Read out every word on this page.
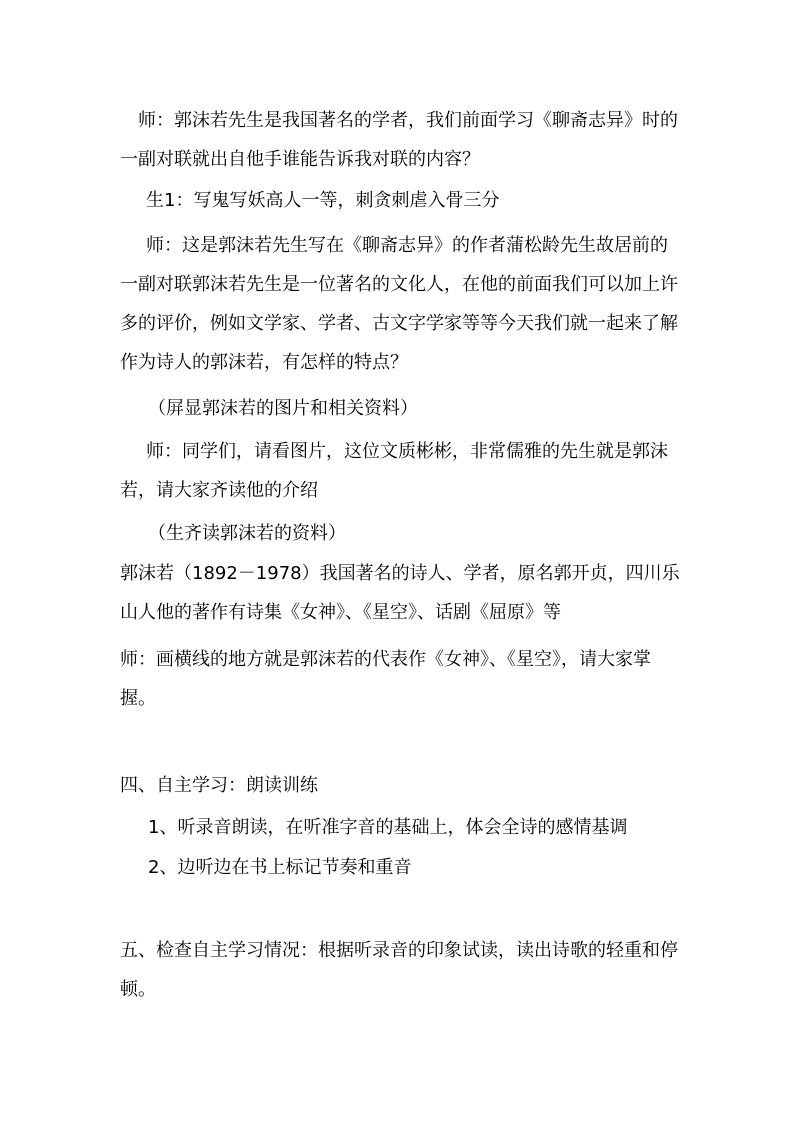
师：郭沫若先生是我国著名的学者，我们前面学习《聊斋志异》时的一副对联就出自他手谁能告诉我对联的内容？
生1：写鬼写妖高人一等，刺贪刺虐入骨三分
师：这是郭沫若先生写在《聊斋志异》的作者蒲松龄先生故居前的一副对联郭沫若先生是一位著名的文化人，在他的前面我们可以加上许多的评价，例如文学家、学者、古文字学家等等今天我们就一起来了解作为诗人的郭沫若，有怎样的特点？
（屏显郭沫若的图片和相关资料）
师：同学们，请看图片，这位文质彬彬，非常儒雅的先生就是郭沫若，请大家齐读他的介绍
（生齐读郭沫若的资料）
郭沫若（1892－1978）我国著名的诗人、学者，原名郭开贞，四川乐山人他的著作有诗集《女神》、《星空》、话剧《屈原》等
师：画横线的地方就是郭沫若的代表作《女神》、《星空》，请大家掌握。
四、自主学习：朗读训练
1、听录音朗读，在听准字音的基础上，体会全诗的感情基调
2、边听边在书上标记节奏和重音
五、检查自主学习情况：根据听录音的印象试读，读出诗歌的轻重和停顿。
